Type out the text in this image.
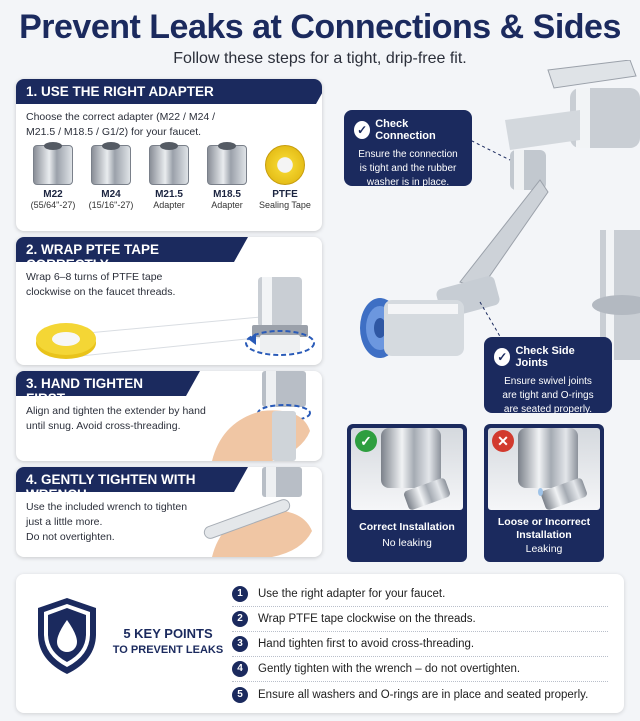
Prevent Leaks at Connections & Sides
Follow these steps for a tight, drip-free fit.
1. USE THE RIGHT ADAPTER
Choose the correct adapter (M22 / M24 /
M21.5 / M18.5 / G1/2) for your faucet.
M22
(55/64"-27)
M24
(15/16"-27)
M21.5
Adapter
M18.5
Adapter
PTFE
Sealing Tape
2. WRAP PTFE TAPE CORRECTLY
Wrap 6–8 turns of PTFE tape
clockwise on the faucet threads.
3. HAND TIGHTEN FIRST
Align and tighten the extender by hand
until snug. Avoid cross-threading.
4. GENTLY TIGHTEN WITH WRENCH
Use the included wrench to tighten
just a little more.
Do not overtighten.
✓ Check Connection
Ensure the connection
is tight and the rubber
washer is in place.
✓ Check Side Joints
Ensure swivel joints
are tight and O-rings
are seated properly.
✓
Correct Installation
No leaking
✕
Loose or Incorrect
Installation
Leaking
5 KEY POINTS
TO PREVENT LEAKS
1	Use the right adapter for your faucet.
2	Wrap PTFE tape clockwise on the threads.
3	Hand tighten first to avoid cross-threading.
4	Gently tighten with the wrench – do not overtighten.
5	Ensure all washers and O-rings are in place and seated properly.
